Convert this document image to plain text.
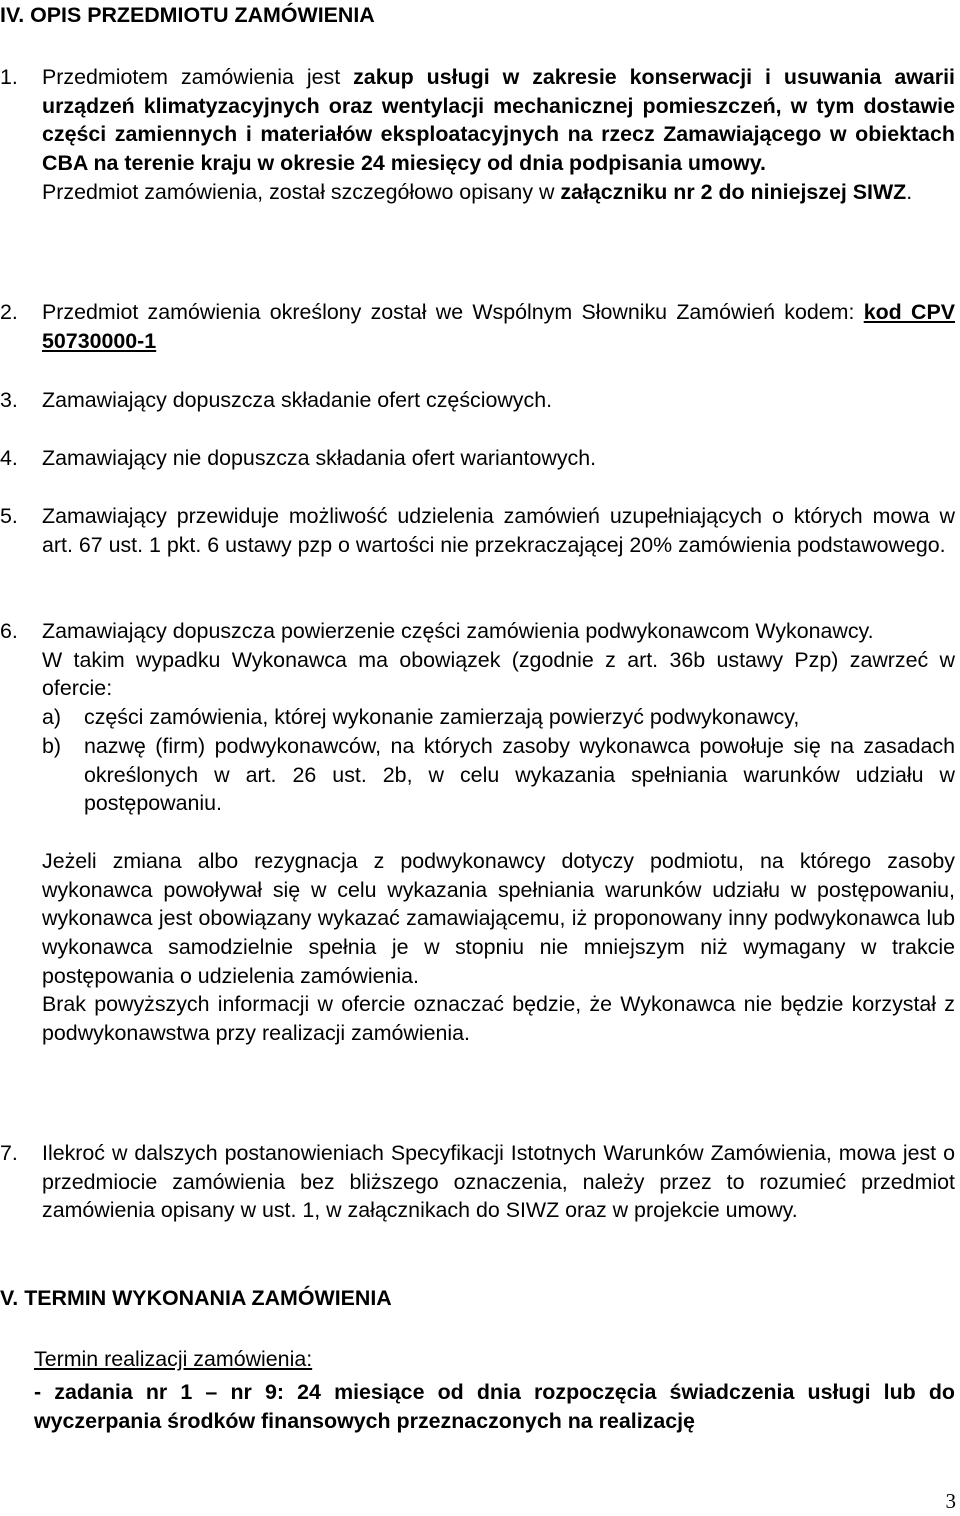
IV. OPIS PRZEDMIOTU ZAMÓWIENIA
1. Przedmiotem zamówienia jest zakup usługi w zakresie konserwacji i usuwania awarii urządzeń klimatyzacyjnych oraz wentylacji mechanicznej pomieszczeń, w tym dostawie części zamiennych i materiałów eksploatacyjnych na rzecz Zamawiającego w obiektach CBA na terenie kraju w okresie 24 miesięcy od dnia podpisania umowy.

Przedmiot zamówienia, został szczegółowo opisany w załączniku nr 2 do niniejszej SIWZ.

2. Przedmiot zamówienia określony został we Wspólnym Słowniku Zamówień kodem: kod CPV 50730000-1

3. Zamawiający dopuszcza składanie ofert częściowych.

4. Zamawiający nie dopuszcza składania ofert wariantowych.

5. Zamawiający przewiduje możliwość udzielenia zamówień uzupełniających o których mowa w art. 67 ust. 1 pkt. 6 ustawy pzp o wartości nie przekraczającej 20% zamówienia podstawowego.

6. Zamawiający dopuszcza powierzenie części zamówienia podwykonawcom Wykonawcy.

W takim wypadku Wykonawca ma obowiązek (zgodnie z art. 36b ustawy Pzp) zawrzeć w ofercie:

a) części zamówienia, której wykonanie zamierzają powierzyć podwykonawcy,
b) nazwę (firm) podwykonawców, na których zasoby wykonawca powołuje się na zasadach określonych w art. 26 ust. 2b, w celu wykazania spełniania warunków udziału w postępowaniu.

Jeżeli zmiana albo rezygnacja z podwykonawcy dotyczy podmiotu, na którego zasoby wykonawca powoływał się w celu wykazania spełniania warunków udziału w postępowaniu, wykonawca jest obowiązany wykazać zamawiającemu, iż proponowany inny podwykonawca lub wykonawca samodzielnie spełnia je w stopniu nie mniejszym niż wymagany w trakcie postępowania o udzielenia zamówienia.

Brak powyższych informacji w ofercie oznaczać będzie, że Wykonawca nie będzie korzystał z podwykonawstwa przy realizacji zamówienia.

7. Ilekroć w dalszych postanowieniach Specyfikacji Istotnych Warunków Zamówienia, mowa jest o przedmiocie zamówienia bez bliższego oznaczenia, należy przez to rozumieć przedmiot zamówienia opisany w ust. 1, w załącznikach do SIWZ oraz w projekcie umowy.

V. TERMIN WYKONANIA ZAMÓWIENIA
Termin realizacji zamówienia:
- zadania nr 1 – nr 9: 24 miesiące od dnia rozpoczęcia świadczenia usługi lub do wyczerpania środków finansowych przeznaczonych na realizację
3
